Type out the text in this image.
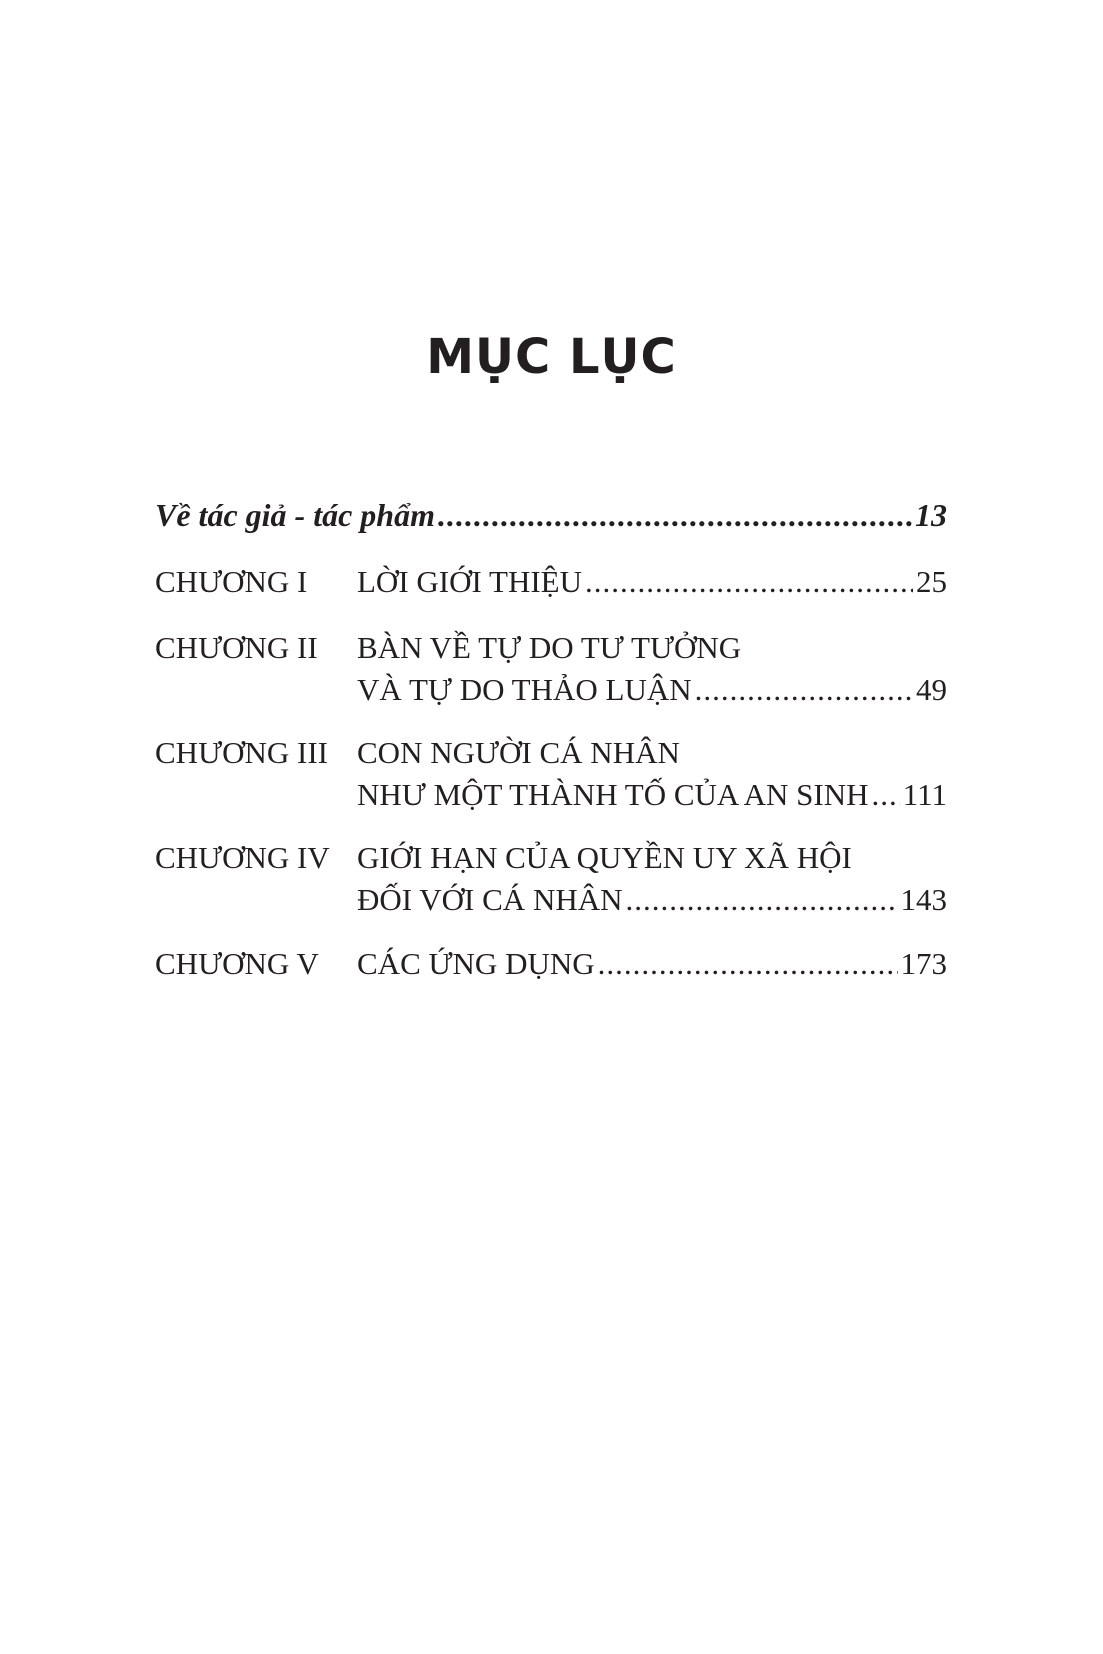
MỤC LỤC
Về tác giả - tác phẩm .....	13
CHƯƠNG I LỜI GIỚI THIỆU .....	25
CHƯƠNG II BÀN VỀ TỰ DO TƯ TƯỞNG
VÀ TỰ DO THẢO LUẬN .....	49
CHƯƠNG III CON NGƯỜI CÁ NHÂN
NHƯ MỘT THÀNH TỐ CỦA AN SINH ..... 111
CHƯƠNG IV GIỚI HẠN CỦA QUYỀN UY XÃ HỘI
ĐỐI VỚI CÁ NHÂN .....	143
CHƯƠNG V CÁC ỨNG DỤNG .....	173
